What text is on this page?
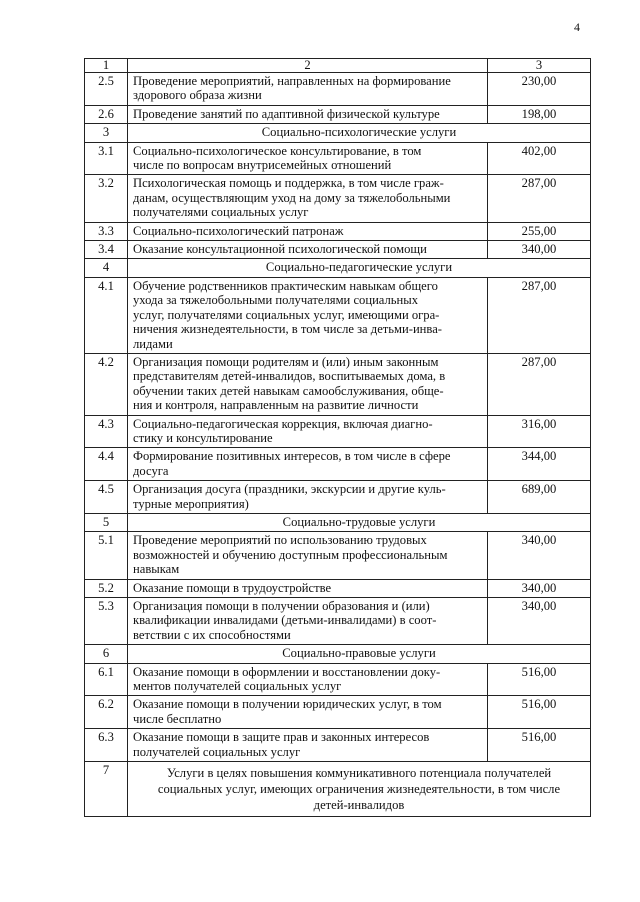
4
1	2	3
2.5	Проведение мероприятий, направленных на формирование
здорового образа жизни	230,00
2.6	Проведение занятий по адаптивной физической культуре	198,00
3	Социально-психологические услуги	
3.1	Социально-психологическое консультирование, в том
числе по вопросам внутрисемейных отношений	402,00
3.2	Психологическая помощь и поддержка, в том числе граж-
данам, осуществляющим уход на дому за тяжелобольными
получателями социальных услуг	287,00
3.3	Социально-психологический патронаж	255,00
3.4	Оказание консультационной психологической помощи	340,00
4	Социально-педагогические услуги	
4.1	Обучение родственников практическим навыкам общего
ухода за тяжелобольными получателями социальных
услуг, получателями социальных услуг, имеющими огра-
ничения жизнедеятельности, в том числе за детьми-инва-
лидами	287,00
4.2	Организация помощи родителям и (или) иным законным
представителям детей-инвалидов, воспитываемых дома, в
обучении таких детей навыкам самообслуживания, обще-
ния и контроля, направленным на развитие личности	287,00
4.3	Социально-педагогическая коррекция, включая диагно-
стику и консультирование	316,00
4.4	Формирование позитивных интересов, в том числе в сфере
досуга	344,00
4.5	Организация досуга (праздники, экскурсии и другие куль-
турные мероприятия)	689,00
5	Социально-трудовые услуги	
5.1	Проведение мероприятий по использованию трудовых
возможностей и обучению доступным профессиональным
навыкам	340,00
5.2	Оказание помощи в трудоустройстве	340,00
5.3	Организация помощи в получении образования и (или)
квалификации инвалидами (детьми-инвалидами) в соот-
ветствии с их способностями	340,00
6	Социально-правовые услуги	
6.1	Оказание помощи в оформлении и восстановлении доку-
ментов получателей социальных услуг	516,00
6.2	Оказание помощи в получении юридических услуг, в том
числе бесплатно	516,00
6.3	Оказание помощи в защите прав и законных интересов
получателей социальных услуг	516,00
7	Услуги в целях повышения коммуникативного потенциала получателей
социальных услуг, имеющих ограничения жизнедеятельности, в том числе
детей-инвалидов	
